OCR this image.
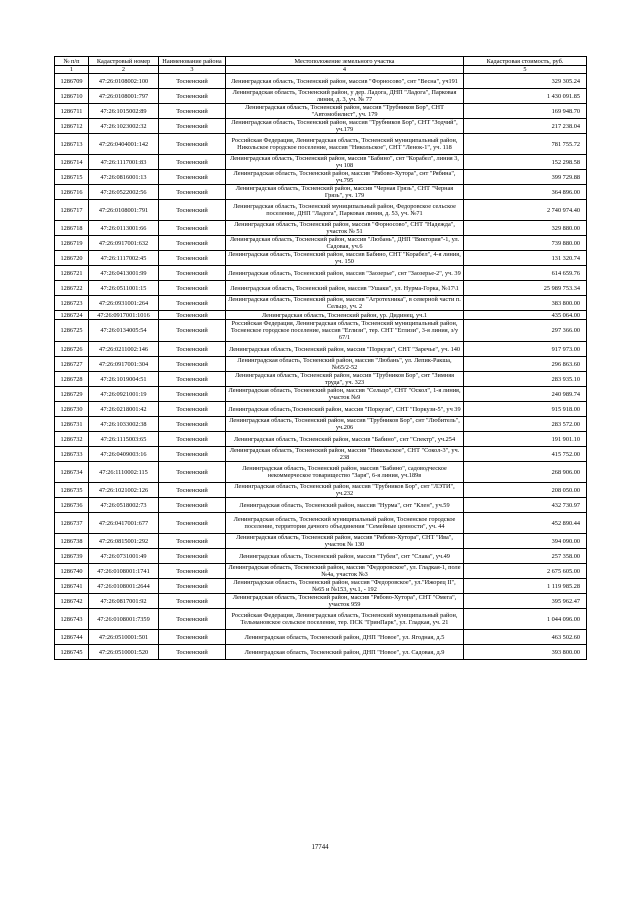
№ п/п	Кадастровый номер	Наименование района	Местоположение земельного участка	Кадастровая стоимость, руб.
1	2	3	4	5
1286709	47:26:0108002:100	Тосненский	Ленинградская область, Тосненский район, массив "Форносово", снт "Весна", уч191	329 305.24
1286710	47:26:0108001:797	Тосненский	Ленинградская область, Тосненский район, у дер. Ладога, ДНП "Ладога", Парковая линия, д. 3, уч. № 77	1 430 091.85
1286711	47:26:1015002:89	Тосненский	Ленинградская область, Тосненский район, массив "Трубников Бор", СНТ "Автомобилист", уч. 179	169 948.70
1286712	47:26:1023002:32	Тосненский	Ленинградская область, Тосненский район, массив "Трубников Бор", СНТ "Зодчий", уч.179	217 238.04
1286713	47:26:0404001:142	Тосненский	Российская Федерация, Ленинградская область, Тосненский муниципальный район, Никольское городское поселение, массив "Никольское", СНТ "Ленок-1", уч. 118	781 755.72
1286714	47:26:1117001:83	Тосненский	Ленинградская область, Тосненский район, массив "Бабино", снт "Корабел", линия 3, уч 108	152 298.58
1286715	47:26:0816001:13	Тосненский	Ленинградская область, Тосненский район, массив "Рябово-Хутора", снт "Рябина", уч.795	399 729.88
1286716	47:26:0522002:56	Тосненский	Ленинградская область, Тосненский район, массив "Черная Грязь", СНТ "Черная Грязь", уч. 179	364 896.00
1286717	47:26:0108001:791	Тосненский	Ленинградская область, Тосненский муниципальный район, Федоровское сельское поселение, ДНП "Ладога", Парковая линия, д. 53, уч. №71	2 740 974.40
1286718	47:26:0113001:66	Тосненский	Ленинградская область, Тосненский район, массив "Форносово", СНТ "Надежда", участок № 51	329 880.00
1286719	47:26:0917001:632	Тосненский	Ленинградская область, Тосненский район, массив "Любань", ДНП "Виктория"-1, ул. Садовая, уч.6	739 880.00
1286720	47:26:1117002:45	Тосненский	Ленинградская область, Тосненский район, массив Бабино, СНТ "Корабел", 4-я линия, уч. 150	131 320.74
1286721	47:26:0413001:99	Тосненский	Ленинградская область, Тосненский район, массив "Заозерье", снт "Заозерье-2", уч. 39	614 659.76
1286722	47:26:0511001:15	Тосненский	Ленинградская область, Тосненский район, массив "Ушаки", ул. Нурма-Горка, №17\1	25 989 753.34
1286723	47:26:0931001:264	Тосненский	Ленинградская область, Тосненский район, массив "Агротехника", в северной части п. Сельцо, уч. 2	383 800.00
1286724	47:26:0917001:1016	Тосненский	Ленинградская область, Тосненский район, ур. Дидинец, уч.1	435 064.00
1286725	47:26:0134005:54	Тосненский	Российская Федерация, Ленинградская область, Тосненский муниципальный район, Тосненское городское поселение, массив "Еглизи", тер. СНТ "Еглизи", 3-я линия, з/у 67/1	297 366.00
1286726	47:26:0211002:146	Тосненский	Ленинградская область, Тосненский район, массив "Поркузи", СНТ "Заречье", уч. 140	917 973.00
1286727	47:26:0917001:304	Тосненский	Ленинградская область, Тосненский район, массив "Любань", ул. Лепик-Ракша, №65/2-52	296 863.60
1286728	47:26:1019004:51	Тосненский	Ленинградская область, Тосненский район, массив "Трубников Бор", снт "Зимняя труда", уч. 323	283 935.10
1286729	47:26:0921001:19	Тосненский	Ленинградская область, Тосненский район, массив "Сельцо", СНТ "Оскол", 1-я линия, участок №9	240 989.74
1286730	47:26:0218001:42	Тосненский	Ленинградская область,Тосненский район, массив "Поркузи", СНТ "Поркузи-5", уч 39	915 918.00
1286731	47:26:1033002:38	Тосненский	Ленинградская область, Тосненский район, массив "Трубников Бор", снт "Любитель", уч.206	283 572.00
1286732	47:26:1115003:65	Тосненский	Ленинградская область, Тосненский район, массив "Бабино", снт "Спектр", уч.254	191 901.10
1286733	47:26:0409003:16	Тосненский	Ленинградская область, Тосненский район, массив "Никольское", СНТ "Сокол-3", уч. 238	415 752.00
1286734	47:26:1110002:115	Тосненский	Ленинградская область, Тосненский район, массив "Бабино", садоводческое некоммерческое товарищество "Заря", 6-я линия, уч.189в	268 906.00
1286735	47:26:1021002:126	Тосненский	Ленинградская область, Тосненский район, массив "Трубников Бор", снт "ЛЭТИ", уч.232	208 050.00
1286736	47:26:0518002:73	Тосненский	Ленинградская область, Тосненский район, массив "Нурма", снт "Клен", уч.59	432 730.97
1286737	47:26:0417001:677	Тосненский	Ленинградская область, Тосненский муниципальный район, Тосненское городское поселение, территория дачного объединения "Семейные ценности", уч. 44	452 890.44
1286738	47:26:0815001:292	Тосненский	Ленинградская область, Тосненский район, массив "Рябово-Хутора", СНТ "Ива", участок № 130	394 090.00
1286739	47:26:0731001:49	Тосненский	Ленинградская область, Тосненский район, массив "Тубеи", снт "Слава", уч.49	257 358.00
1286740	47:26:0108001:1741	Тосненский	Ленинградская область, Тосненский район, массив "Федоровское", ул. Гладкая-1, поле №4а, участок №3	2 675 605.00
1286741	47:26:0108001:2644	Тосненский	Ленинградская область, Тосненский район, массив "Федоровское", ул."Ижорец II", №65 и №153, уч.1, - 192	1 119 985.28
1286742	47:26:0817001:92	Тосненский	Ленинградская область, Тосненский район, массив "Рябово-Хутора", СНТ "Омега", участок 959	395 962.47
1286743	47:26:0108001:7359	Тосненский	Российская Федерация, Ленинградская область, Тосненский муниципальный район, Тельмановское сельское поселение, тер. ПСК "ГринПарк", ул. Гладкая, уч. 21	1 044 096.00
1286744	47:26:0510001:501	Тосненский	Ленинградская область, Тосненский район, ДНП "Новое", ул. Ягодная, д.5	463 502.60
1286745	47:26:0510001:520	Тосненский	Ленинградская область, Тосненский район, ДНП "Новое", ул. Садовая, д.9	393 800.00
17744
